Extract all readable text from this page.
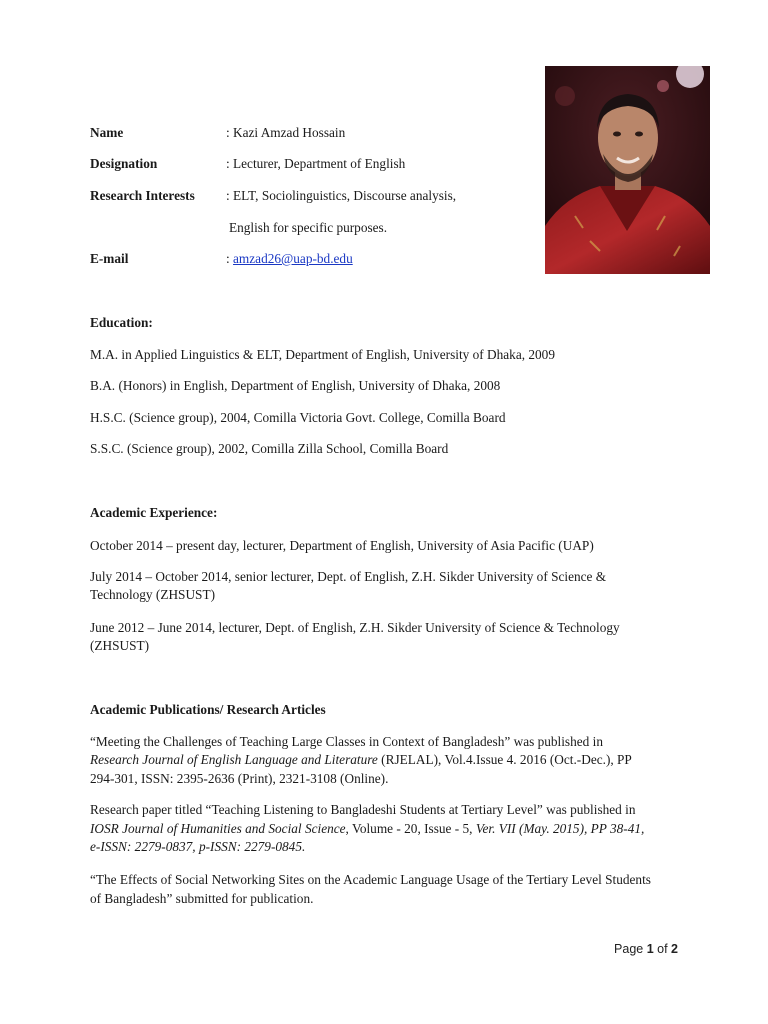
Name	: Kazi Amzad Hossain
Designation	: Lecturer, Department of English
Research Interests : ELT, Sociolinguistics, Discourse analysis,
English for specific purposes.
E-mail	: amzad26@uap-bd.edu
Education:
M.A. in Applied Linguistics & ELT, Department of English, University of Dhaka, 2009
B.A. (Honors) in English, Department of English, University of Dhaka, 2008
H.S.C. (Science group), 2004, Comilla Victoria Govt. College, Comilla Board
S.S.C. (Science group), 2002, Comilla Zilla School, Comilla Board
Academic Experience:
October 2014 – present day, lecturer, Department of English, University of Asia Pacific (UAP)
July 2014 – October 2014, senior lecturer, Dept. of English, Z.H. Sikder University of Science &
Technology (ZHSUST)
June 2012 – June 2014, lecturer, Dept. of English, Z.H. Sikder University of Science & Technology
(ZHSUST)
Academic Publications/ Research Articles
“Meeting the Challenges of Teaching Large Classes in Context of Bangladesh” was published in
Research Journal of English Language and Literature (RJELAL), Vol.4.Issue 4. 2016 (Oct.-Dec.), PP
294-301, ISSN: 2395-2636 (Print), 2321-3108 (Online).
Research paper titled “Teaching Listening to Bangladeshi Students at Tertiary Level” was published in
IOSR Journal of Humanities and Social Science, Volume - 20, Issue - 5, Ver. VII (May. 2015), PP 38-41,
e-ISSN: 2279-0837, p-ISSN: 2279-0845.
“The Effects of Social Networking Sites on the Academic Language Usage of the Tertiary Level Students
of Bangladesh” submitted for publication.
Page 1 of 2
